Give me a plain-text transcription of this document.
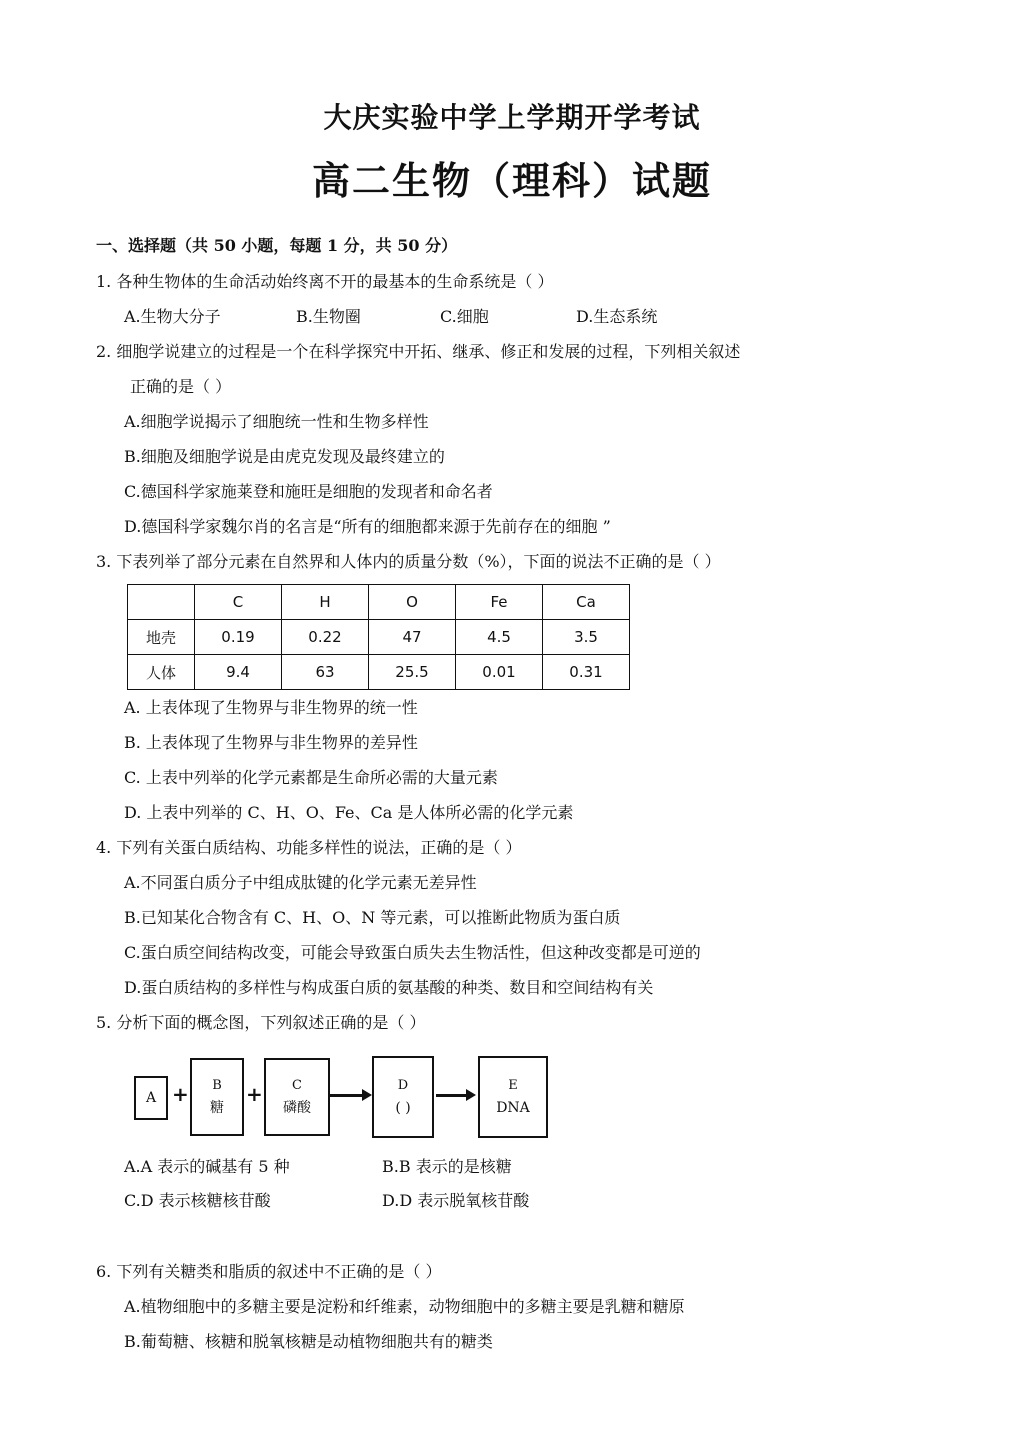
大庆实验中学上学期开学考试
高二生物（理科）试题
一、选择题（共 50 小题，每题 1 分，共 50 分）
1. 各种生物体的生命活动始终离不开的最基本的生命系统是（ ）
A.生物大分子	B.生物圈	C.细胞	D.生态系统
2. 细胞学说建立的过程是一个在科学探究中开拓、继承、修正和发展的过程，下列相关叙述
正确的是（ ）
A.细胞学说揭示了细胞统一性和生物多样性
B.细胞及细胞学说是由虎克发现及最终建立的
C.德国科学家施莱登和施旺是细胞的发现者和命名者
D.德国科学家魏尔肖的名言是“所有的细胞都来源于先前存在的细胞 ”
3. 下表列举了部分元素在自然界和人体内的质量分数（%），下面的说法不正确的是（ ）
	C	H	O	Fe	Ca
地壳	0.19	0.22	47	4.5	3.5
人体	9.4	63	25.5	0.01	0.31
A. 上表体现了生物界与非生物界的统一性
B. 上表体现了生物界与非生物界的差异性
C. 上表中列举的化学元素都是生命所必需的大量元素
D. 上表中列举的 C、H、O、Fe、Ca 是人体所必需的化学元素
4. 下列有关蛋白质结构、功能多样性的说法，正确的是（ ）
A.不同蛋白质分子中组成肽键的化学元素无差异性
B.已知某化合物含有 C、H、O、N 等元素，可以推断此物质为蛋白质
C.蛋白质空间结构改变，可能会导致蛋白质失去生物活性，但这种改变都是可逆的
D.蛋白质结构的多样性与构成蛋白质的氨基酸的种类、数目和空间结构有关
5. 分析下面的概念图，下列叙述正确的是（ ）
A + B
糖
+ C
磷酸
D
( )
E
DNA
A.A 表示的碱基有 5 种	B.B 表示的是核糖
C.D 表示核糖核苷酸	D.D 表示脱氧核苷酸
6. 下列有关糖类和脂质的叙述中不正确的是（ ）
A.植物细胞中的多糖主要是淀粉和纤维素，动物细胞中的多糖主要是乳糖和糖原
B.葡萄糖、核糖和脱氧核糖是动植物细胞共有的糖类
